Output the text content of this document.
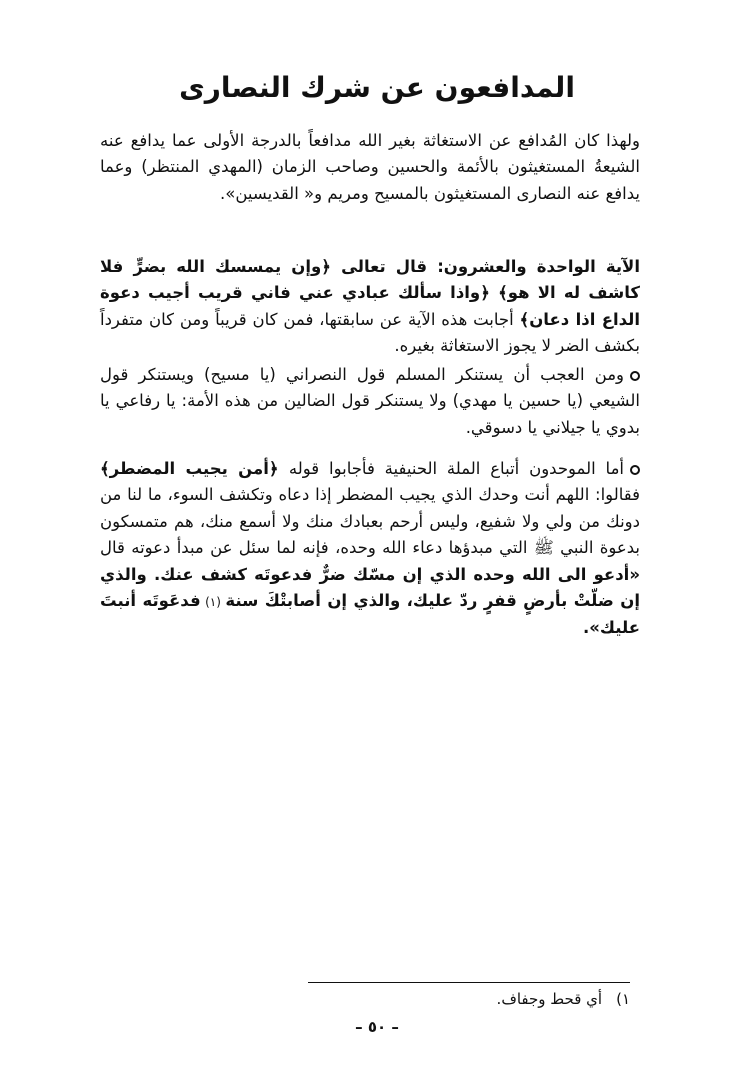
المدافعون عن شرك النصارى

ولهذا كان المُدافع عن الاستغاثة بغير الله مدافعاً بالدرجة الأولى عما يدافع عنه الشيعةُ المستغيثون بالأئمة والحسين وصاحب الزمان (المهدي المنتظر) وعما يدافع عنه النصارى المستغيثون بالمسيح ومريم و« القديسين».

الآية الواحدة والعشرون: قال تعالى ﴿وإن يمسسك الله بضرٍّ فلا كاشف له الا هو﴾ ﴿واذا سألك عبادي عني فاني قريب أجيب دعوة الداع اذا دعان﴾ أجابت هذه الآية عن سابقتها، فمن كان قريباً ومن كان متفرداً بكشف الضر لا يجوز الاستغاثة بغيره.

ومن العجب أن يستنكر المسلم قول النصراني (يا مسيح) ويستنكر قول الشيعي (يا حسين يا مهدي) ولا يستنكر قول الضالين من هذه الأمة: يا رفاعي يا بدوي يا جيلاني يا دسوقي.

أما الموحدون أتباع الملة الحنيفية فأجابوا قوله ﴿أمن يجيب المضطر﴾ فقالوا: اللهم أنت وحدك الذي يجيب المضطر إذا دعاه وتكشف السوء، ما لنا من دونك من ولي ولا شفيع، وليس أرحم بعبادك منك ولا أسمع منك، هم متمسكون بدعوة النبي ﷺ التي مبدؤها دعاء الله وحده، فإنه لما سئل عن مبدأ دعوته قال «أدعو الى الله وحده الذي إن مسّك ضرٌّ فدعوتَه كشف عنك. والذي إن ضلّتْ بأرضٍ قفرٍ ردّ عليك، والذي إن أصابتْكَ سنة (١) فدعَوتَه أنبتَ عليك».

١)أي قحط وجفاف.
– ٥٠ –
